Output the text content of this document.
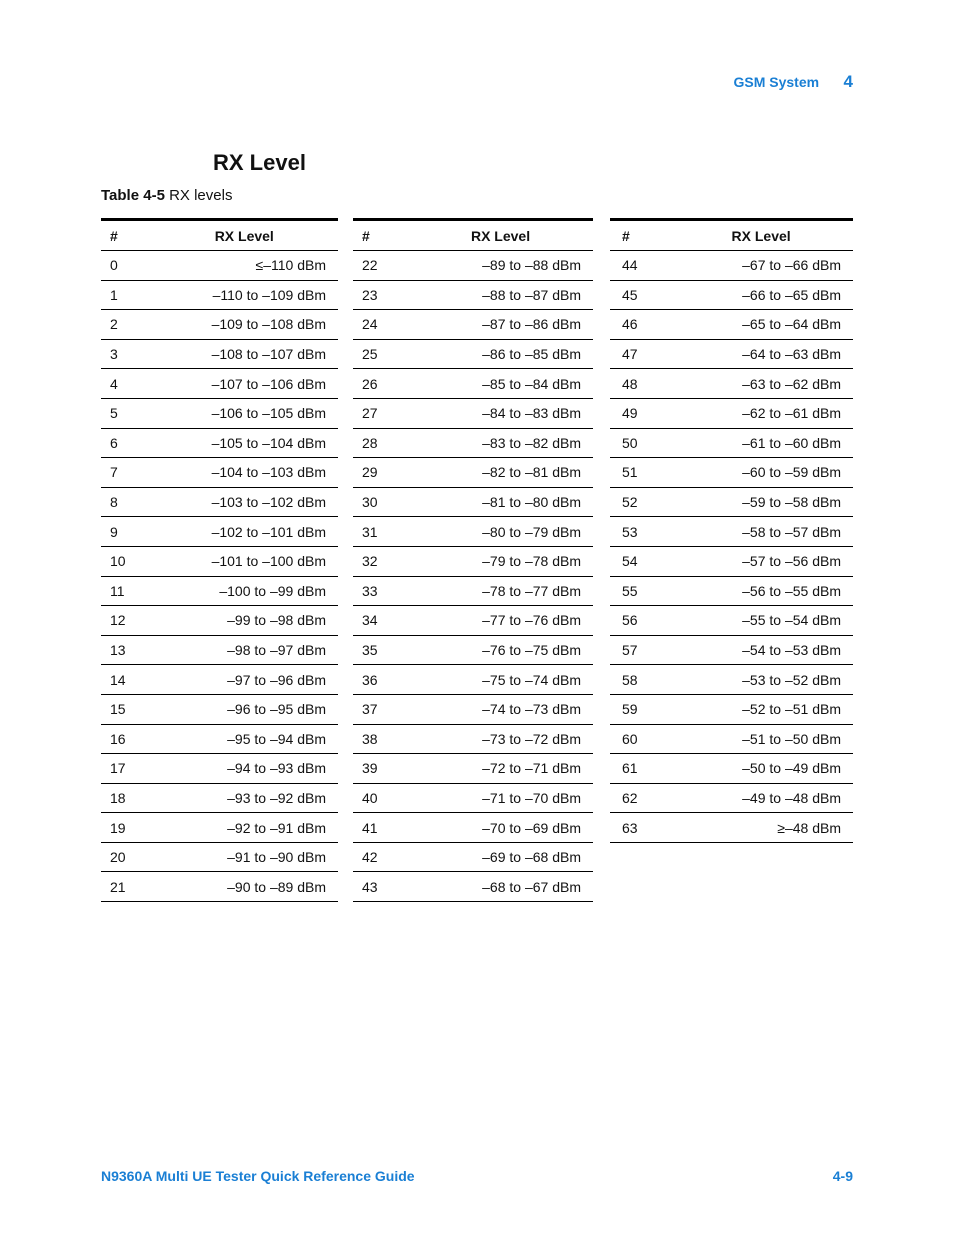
GSM System 4
RX Level
Table 4-5 RX levels
#	RX Level
0	≤–110 dBm
1	–110 to –109 dBm
2	–109 to –108 dBm
3	–108 to –107 dBm
4	–107 to –106 dBm
5	–106 to –105 dBm
6	–105 to –104 dBm
7	–104 to –103 dBm
8	–103 to –102 dBm
9	–102 to –101 dBm
10	–101 to –100 dBm
11	–100 to –99 dBm
12	–99 to –98 dBm
13	–98 to –97 dBm
14	–97 to –96 dBm
15	–96 to –95 dBm
16	–95 to –94 dBm
17	–94 to –93 dBm
18	–93 to –92 dBm
19	–92 to –91 dBm
20	–91 to –90 dBm
21	–90 to –89 dBm
#	RX Level
22	–89 to –88 dBm
23	–88 to –87 dBm
24	–87 to –86 dBm
25	–86 to –85 dBm
26	–85 to –84 dBm
27	–84 to –83 dBm
28	–83 to –82 dBm
29	–82 to –81 dBm
30	–81 to –80 dBm
31	–80 to –79 dBm
32	–79 to –78 dBm
33	–78 to –77 dBm
34	–77 to –76 dBm
35	–76 to –75 dBm
36	–75 to –74 dBm
37	–74 to –73 dBm
38	–73 to –72 dBm
39	–72 to –71 dBm
40	–71 to –70 dBm
41	–70 to –69 dBm
42	–69 to –68 dBm
43	–68 to –67 dBm
#	RX Level
44	–67 to –66 dBm
45	–66 to –65 dBm
46	–65 to –64 dBm
47	–64 to –63 dBm
48	–63 to –62 dBm
49	–62 to –61 dBm
50	–61 to –60 dBm
51	–60 to –59 dBm
52	–59 to –58 dBm
53	–58 to –57 dBm
54	–57 to –56 dBm
55	–56 to –55 dBm
56	–55 to –54 dBm
57	–54 to –53 dBm
58	–53 to –52 dBm
59	–52 to –51 dBm
60	–51 to –50 dBm
61	–50 to –49 dBm
62	–49 to –48 dBm
63	≥–48 dBm
N9360A Multi UE Tester Quick Reference Guide	4-9
